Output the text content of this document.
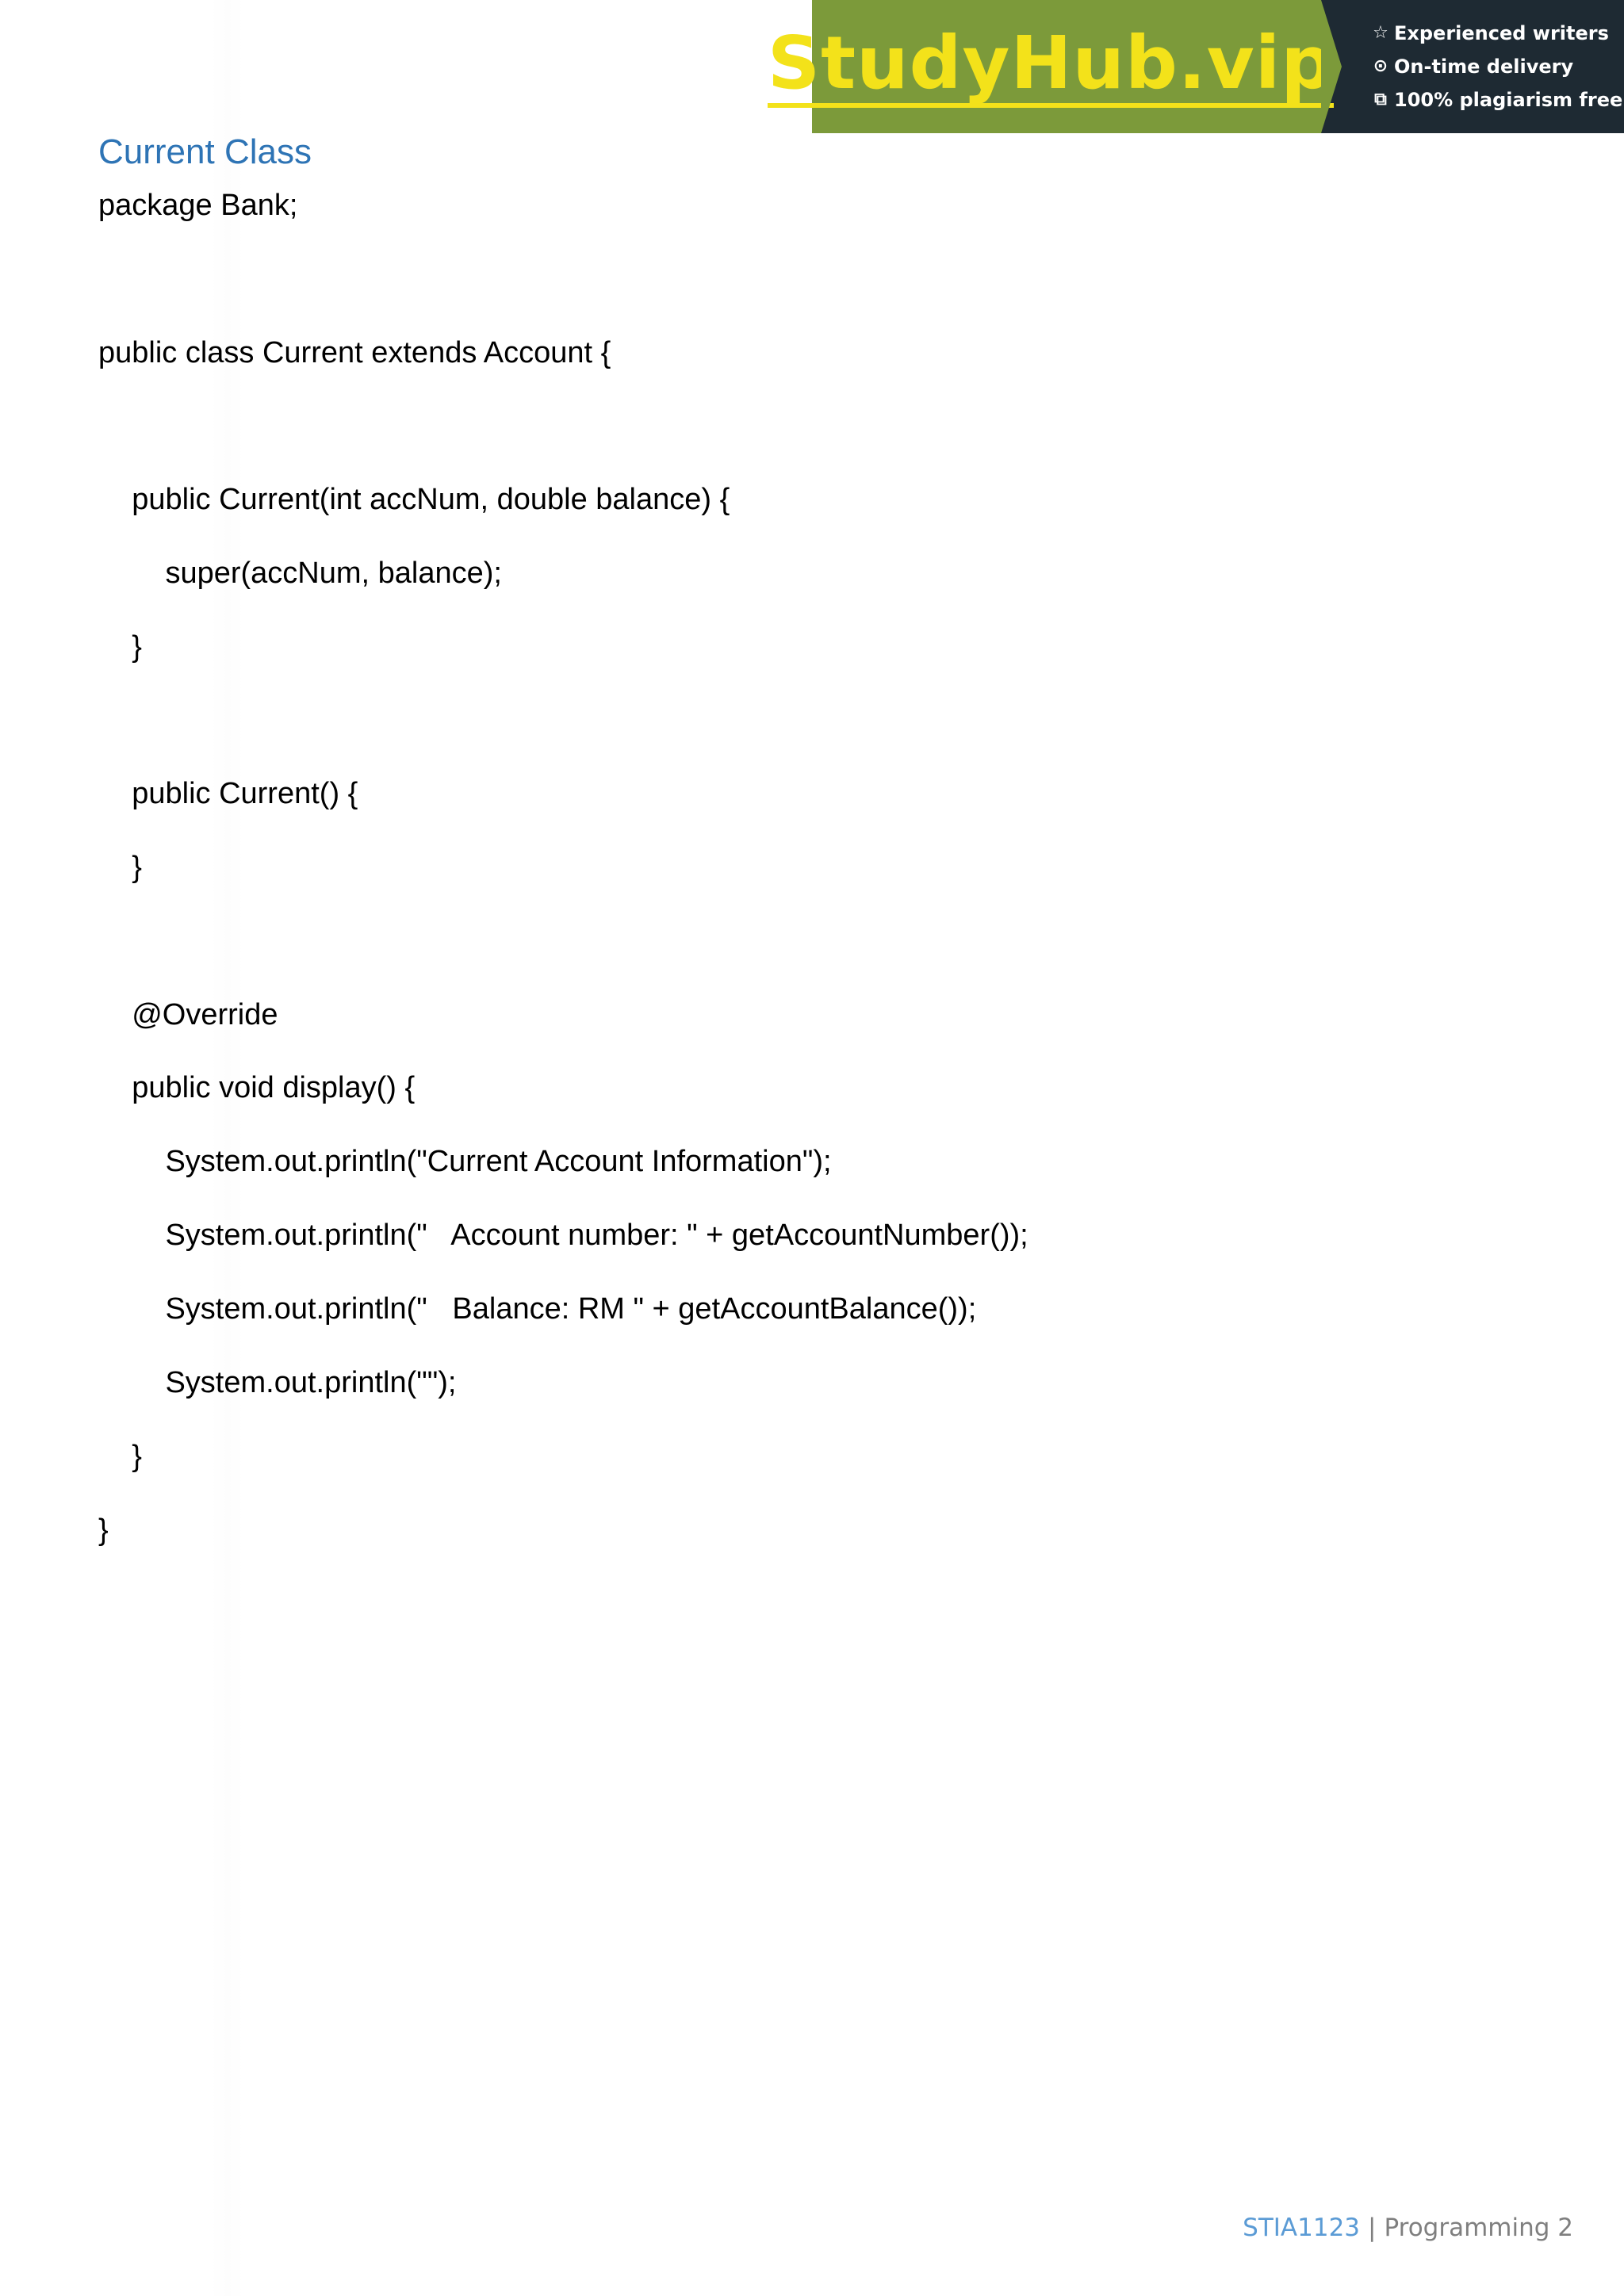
StudyHub.vip ☆ Experienced writers
⊙ On-time delivery
⧉ 100% plagiarism free
Current Class
package Bank;
public class Current extends Account {
public Current(int accNum, double balance) {
super(accNum, balance);
}
public Current() {
}
@Override
public void display() {
System.out.println("Current Account Information");
System.out.println("   Account number: " + getAccountNumber());
System.out.println("   Balance: RM " + getAccountBalance());
System.out.println("");
}
}
STIA1123 | Programming 2
